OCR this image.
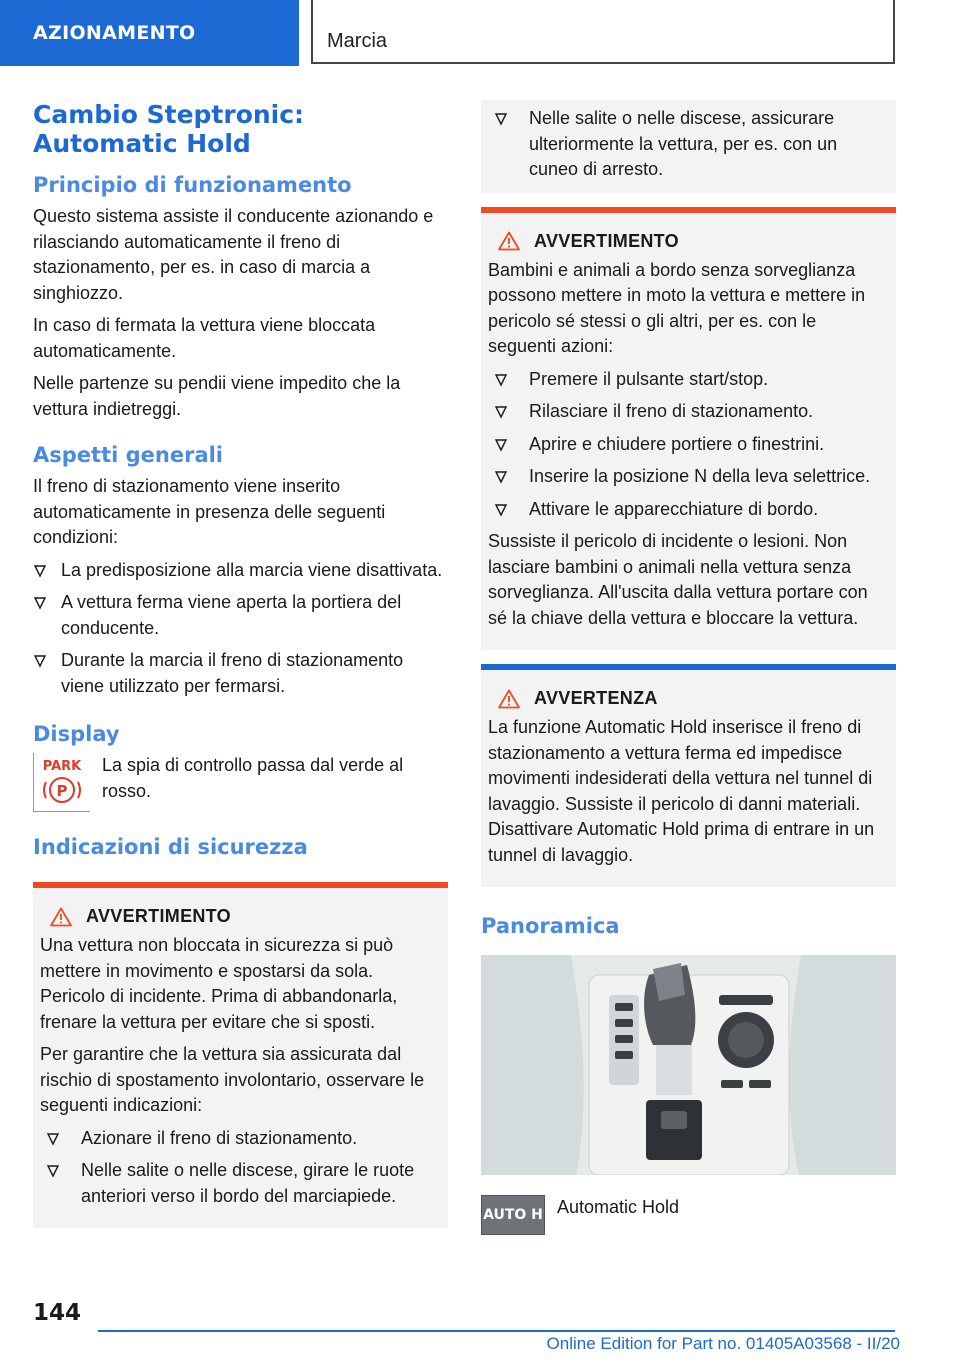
AZIONAMENTO	Marcia
Cambio Steptronic: Automatic Hold
Principio di funzionamento

Questo sistema assiste il conducente azionando e rilasciando automaticamente il freno di stazionamento, per es. in caso di marcia a singhiozzo.

In caso di fermata la vettura viene bloccata automaticamente.

Nelle partenze su pendii viene impedito che la vettura indietreggi.

Aspetti generali

Il freno di stazionamento viene inserito automaticamente in presenza delle seguenti condizioni:

La predisposizione alla marcia viene disattivata.
A vettura ferma viene aperta la portiera del conducente.
Durante la marcia il freno di stazionamento viene utilizzato per fermarsi.
Display
PARK
P

La spia di controllo passa dal verde al rosso.

Indicazioni di sicurezza
AVVERTIMENTO

Una vettura non bloccata in sicurezza si può mettere in movimento e spostarsi da sola. Pericolo di incidente. Prima di abbandonarla, frenare la vettura per evitare che si sposti.

Per garantire che la vettura sia assicurata dal rischio di spostamento involontario, osservare le seguenti indicazioni:

Azionare il freno di stazionamento.
Nelle salite o nelle discese, girare le ruote anteriori verso il bordo del marciapiede.
Nelle salite o nelle discese, assicurare ulteriormente la vettura, per es. con un cuneo di arresto.
AVVERTIMENTO

Bambini e animali a bordo senza sorveglianza possono mettere in moto la vettura e mettere in pericolo sé stessi o gli altri, per es. con le seguenti azioni:

Premere il pulsante start/stop.
Rilasciare il freno di stazionamento.
Aprire e chiudere portiere o finestrini.
Inserire la posizione N della leva selettrice.
Attivare le apparecchiature di bordo.

Sussiste il pericolo di incidente o lesioni. Non lasciare bambini o animali nella vettura senza sorveglianza. All'uscita dalla vettura portare con sé la chiave della vettura e bloccare la vettura.

AVVERTENZA

La funzione Automatic Hold inserisce il freno di stazionamento a vettura ferma ed impedisce movimenti indesiderati della vettura nel tunnel di lavaggio. Sussiste il pericolo di danni materiali. Disattivare Automatic Hold prima di entrare in un tunnel di lavaggio.

Panoramica
AUTO H Automatic Hold

144
Online Edition for Part no. 01405A03568 - II/20
